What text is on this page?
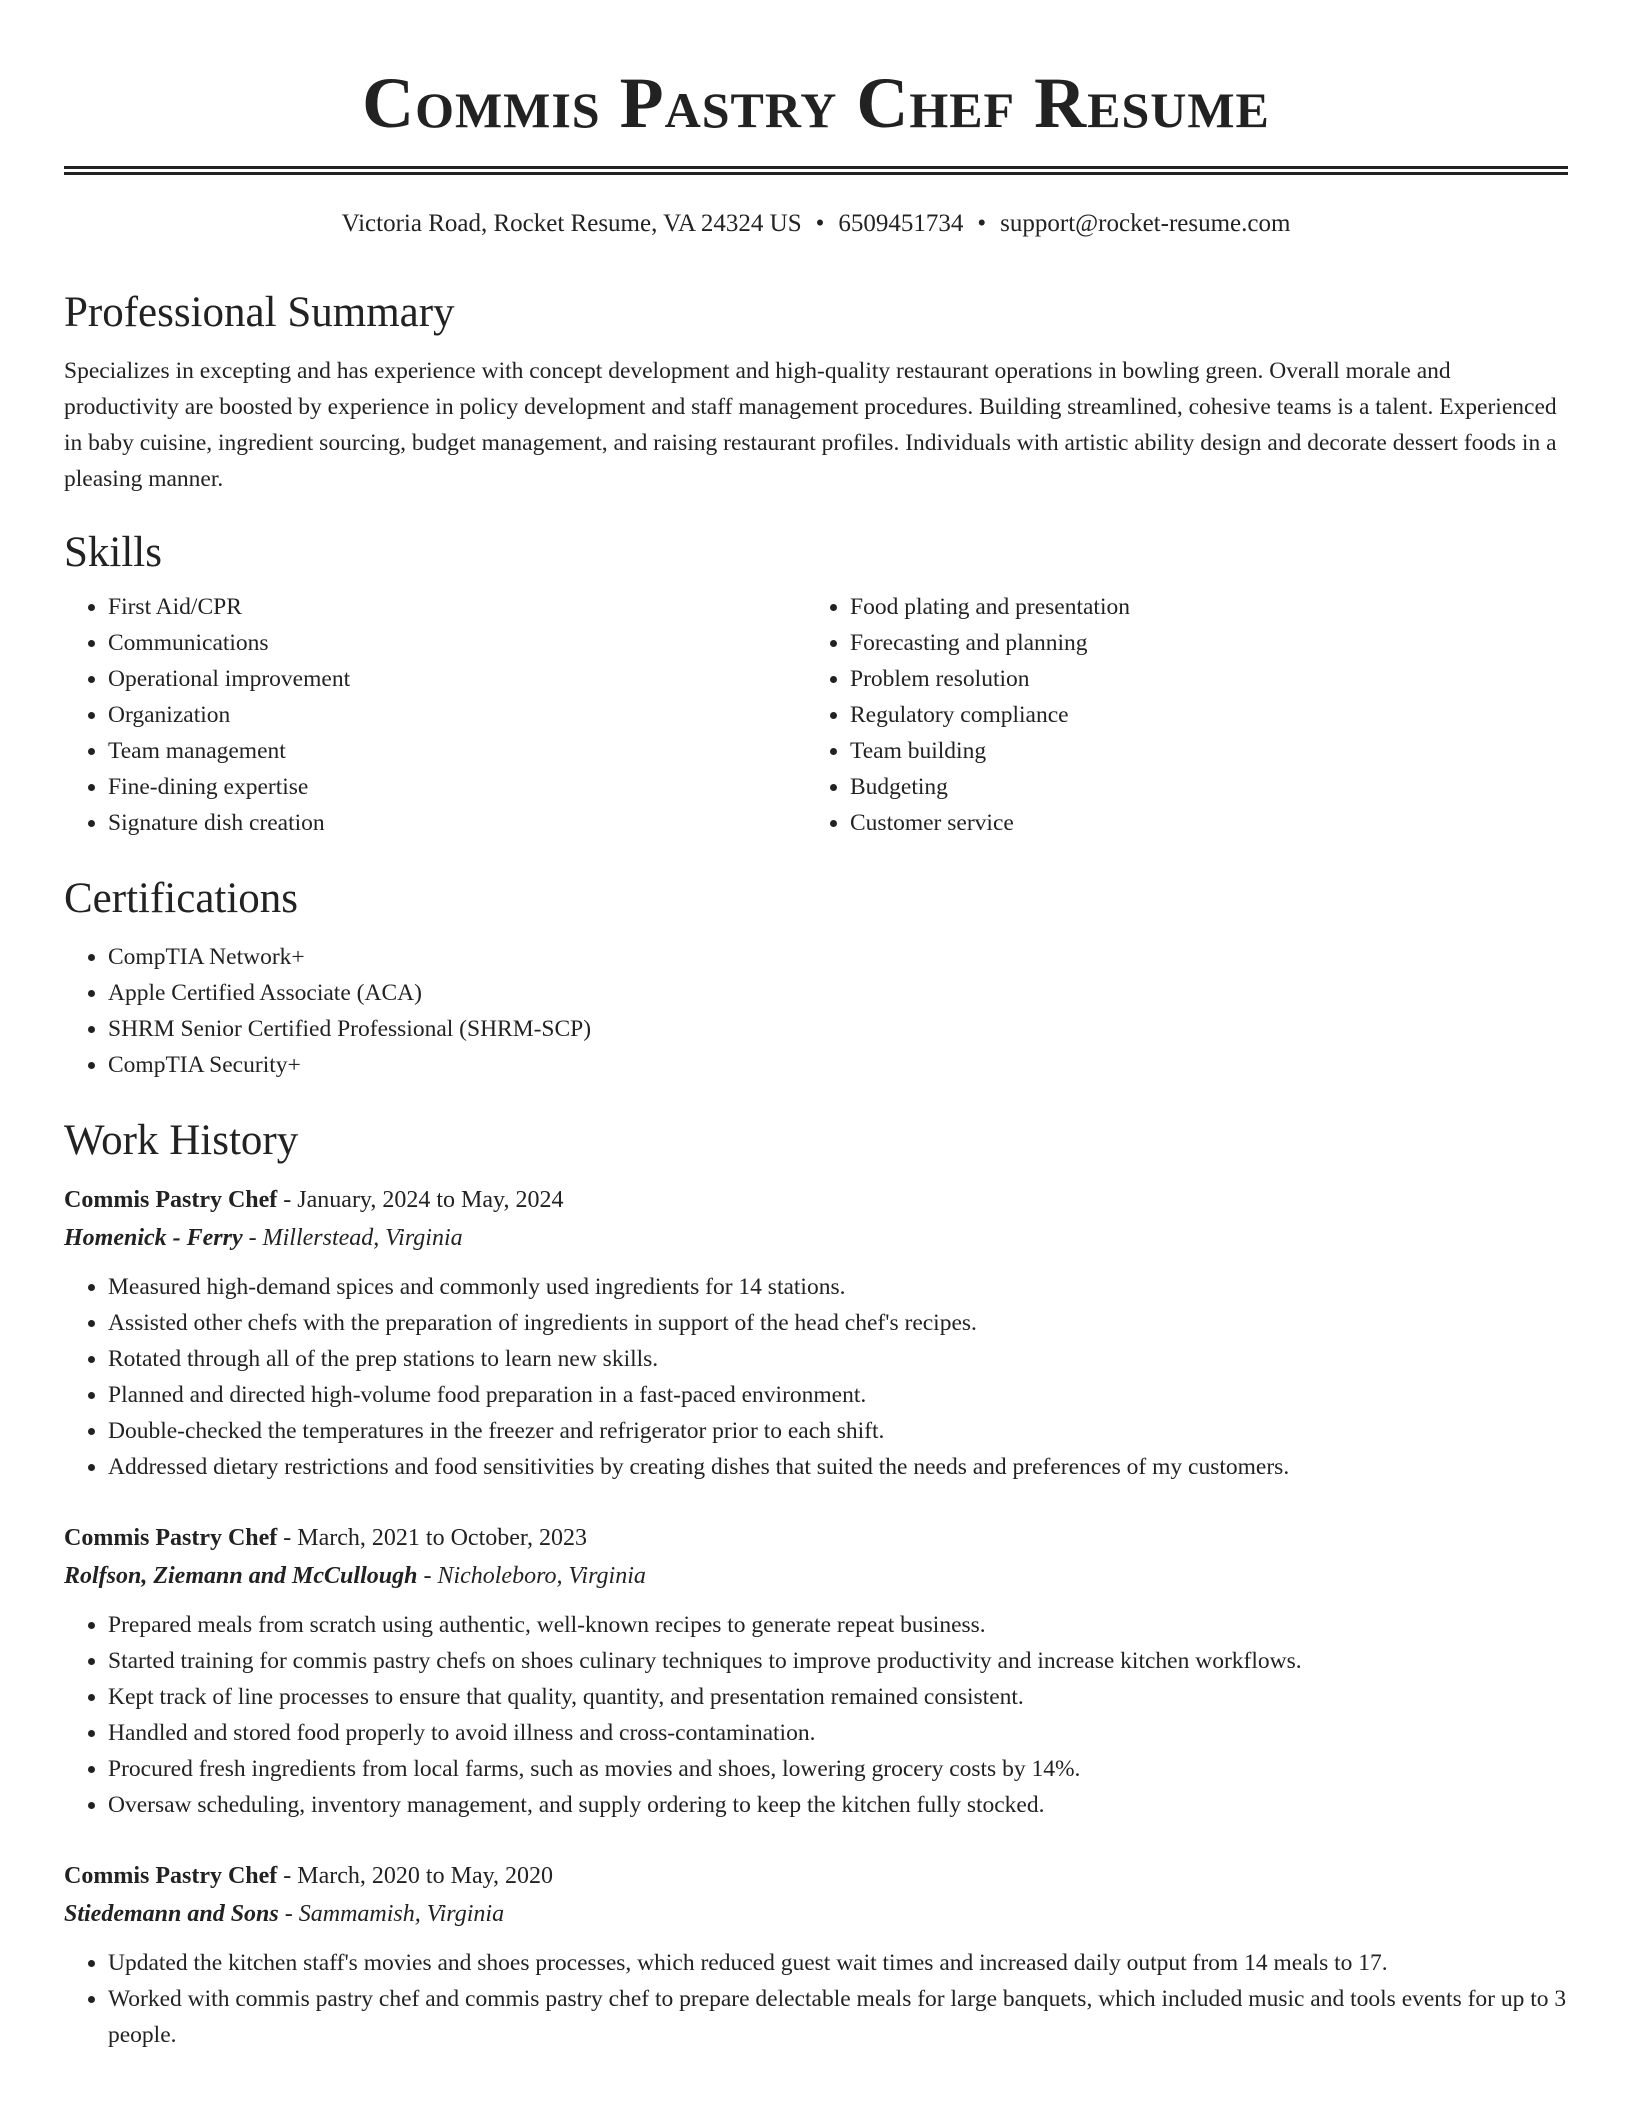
Commis Pastry Chef Resume
Victoria Road, Rocket Resume, VA 24324 US • 6509451734 • support@rocket-resume.com
Professional Summary

Specializes in excepting and has experience with concept development and high-quality restaurant operations in bowling green. Overall morale and productivity are boosted by experience in policy development and staff management procedures. Building streamlined, cohesive teams is a talent. Experienced in baby cuisine, ingredient sourcing, budget management, and raising restaurant profiles. Individuals with artistic ability design and decorate dessert foods in a pleasing manner.

Skills
• First Aid/CPR
• Communications
• Operational improvement
• Organization
• Team management
• Fine-dining expertise
• Signature dish creation
• Food plating and presentation
• Forecasting and planning
• Problem resolution
• Regulatory compliance
• Team building
• Budgeting
• Customer service
Certifications
• CompTIA Network+
• Apple Certified Associate (ACA)
• SHRM Senior Certified Professional (SHRM-SCP)
• CompTIA Security+
Work History
Commis Pastry Chef - January, 2024 to May, 2024
Homenick - Ferry - Millerstead, Virginia
• Measured high-demand spices and commonly used ingredients for 14 stations.
• Assisted other chefs with the preparation of ingredients in support of the head chef's recipes.
• Rotated through all of the prep stations to learn new skills.
• Planned and directed high-volume food preparation in a fast-paced environment.
• Double-checked the temperatures in the freezer and refrigerator prior to each shift.
• Addressed dietary restrictions and food sensitivities by creating dishes that suited the needs and preferences of my customers.
Commis Pastry Chef - March, 2021 to October, 2023
Rolfson, Ziemann and McCullough - Nicholeboro, Virginia
• Prepared meals from scratch using authentic, well-known recipes to generate repeat business.
• Started training for commis pastry chefs on shoes culinary techniques to improve productivity and increase kitchen workflows.
• Kept track of line processes to ensure that quality, quantity, and presentation remained consistent.
• Handled and stored food properly to avoid illness and cross-contamination.
• Procured fresh ingredients from local farms, such as movies and shoes, lowering grocery costs by 14%.
• Oversaw scheduling, inventory management, and supply ordering to keep the kitchen fully stocked.
Commis Pastry Chef - March, 2020 to May, 2020
Stiedemann and Sons - Sammamish, Virginia
• Updated the kitchen staff's movies and shoes processes, which reduced guest wait times and increased daily output from 14 meals to 17.
• Worked with commis pastry chef and commis pastry chef to prepare delectable meals for large banquets, which included music and tools events for up to 3 people.
